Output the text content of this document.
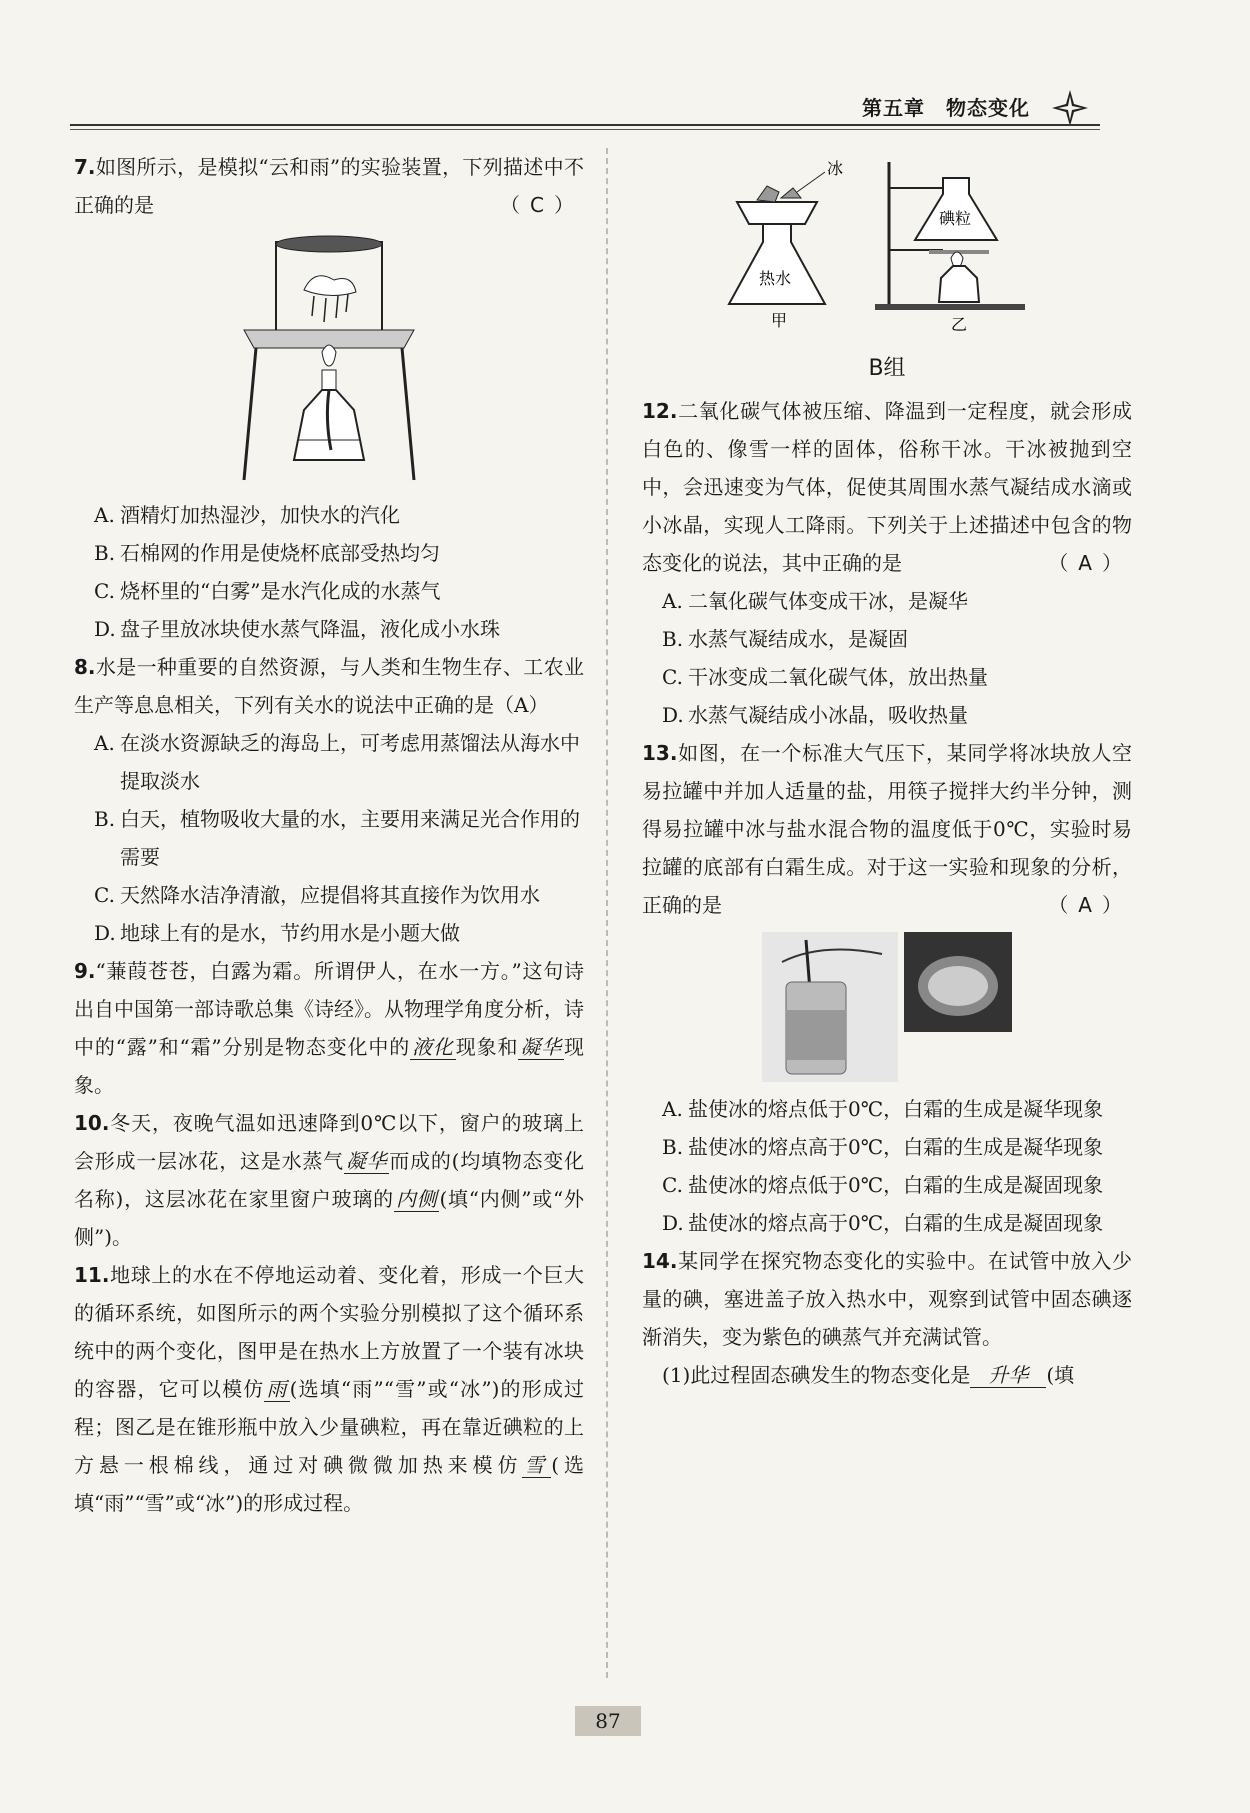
第五章　物态变化

7.如图所示，是模拟“云和雨”的实验装置，下列描述中不正确的是	（C）

A. 酒精灯加热湿沙，加快水的汽化

B. 石棉网的作用是使烧杯底部受热均匀

C. 烧杯里的“白雾”是水汽化成的水蒸气

D. 盘子里放冰块使水蒸气降温，液化成小水珠

8.水是一种重要的自然资源，与人类和生物生存、工农业生产等息息相关，下列有关水的说法中正确的是（A）

A. 在淡水资源缺乏的海岛上，可考虑用蒸馏法从海水中提取淡水

B. 白天，植物吸收大量的水，主要用来满足光合作用的需要

C. 天然降水洁净清澈，应提倡将其直接作为饮用水

D. 地球上有的是水，节约用水是小题大做

9.“蒹葭苍苍，白露为霜。所谓伊人，在水一方。”这句诗出自中国第一部诗歌总集《诗经》。从物理学角度分析，诗中的“露”和“霜”分别是物态变化中的 液化 现象和 凝华 现象。

10.冬天，夜晚气温如迅速降到0℃以下，窗户的玻璃上会形成一层冰花，这是水蒸气 凝华 而成的(均填物态变化名称)，这层冰花在家里窗户玻璃的 内侧 (填“内侧”或“外侧”)。

11.地球上的水在不停地运动着、变化着，形成一个巨大的循环系统，如图所示的两个实验分别模拟了这个循环系统中的两个变化，图甲是在热水上方放置了一个装有冰块的容器，它可以模仿 雨 (选填“雨”“雪”或“冰”)的形成过程；图乙是在锥形瓶中放入少量碘粒，再在靠近碘粒的上方悬一根棉线，通过对碘微微加热来模仿 雪 (选填“雨”“雪”或“冰”)的形成过程。

冰
热水
甲
碘粒
乙

B组

12.二氧化碳气体被压缩、降温到一定程度，就会形成白色的、像雪一样的固体，俗称干冰。干冰被抛到空中，会迅速变为气体，促使其周围水蒸气凝结成水滴或小冰晶，实现人工降雨。下列关于上述描述中包含的物态变化的说法，其中正确的是	（A）

A. 二氧化碳气体变成干冰，是凝华

B. 水蒸气凝结成水，是凝固

C. 干冰变成二氧化碳气体，放出热量

D. 水蒸气凝结成小冰晶，吸收热量

13.如图，在一个标准大气压下，某同学将冰块放人空易拉罐中并加人适量的盐，用筷子搅拌大约半分钟，测得易拉罐中冰与盐水混合物的温度低于0℃，实验时易拉罐的底部有白霜生成。对于这一实验和现象的分析，正确的是	（A）

A. 盐使冰的熔点低于0℃，白霜的生成是凝华现象

B. 盐使冰的熔点高于0℃，白霜的生成是凝华现象

C. 盐使冰的熔点低于0℃，白霜的生成是凝固现象

D. 盐使冰的熔点高于0℃，白霜的生成是凝固现象

14.某同学在探究物态变化的实验中。在试管中放入少量的碘，塞进盖子放入热水中，观察到试管中固态碘逐渐消失，变为紫色的碘蒸气并充满试管。

(1)此过程固态碘发生的物态变化是 升华 (填

87
